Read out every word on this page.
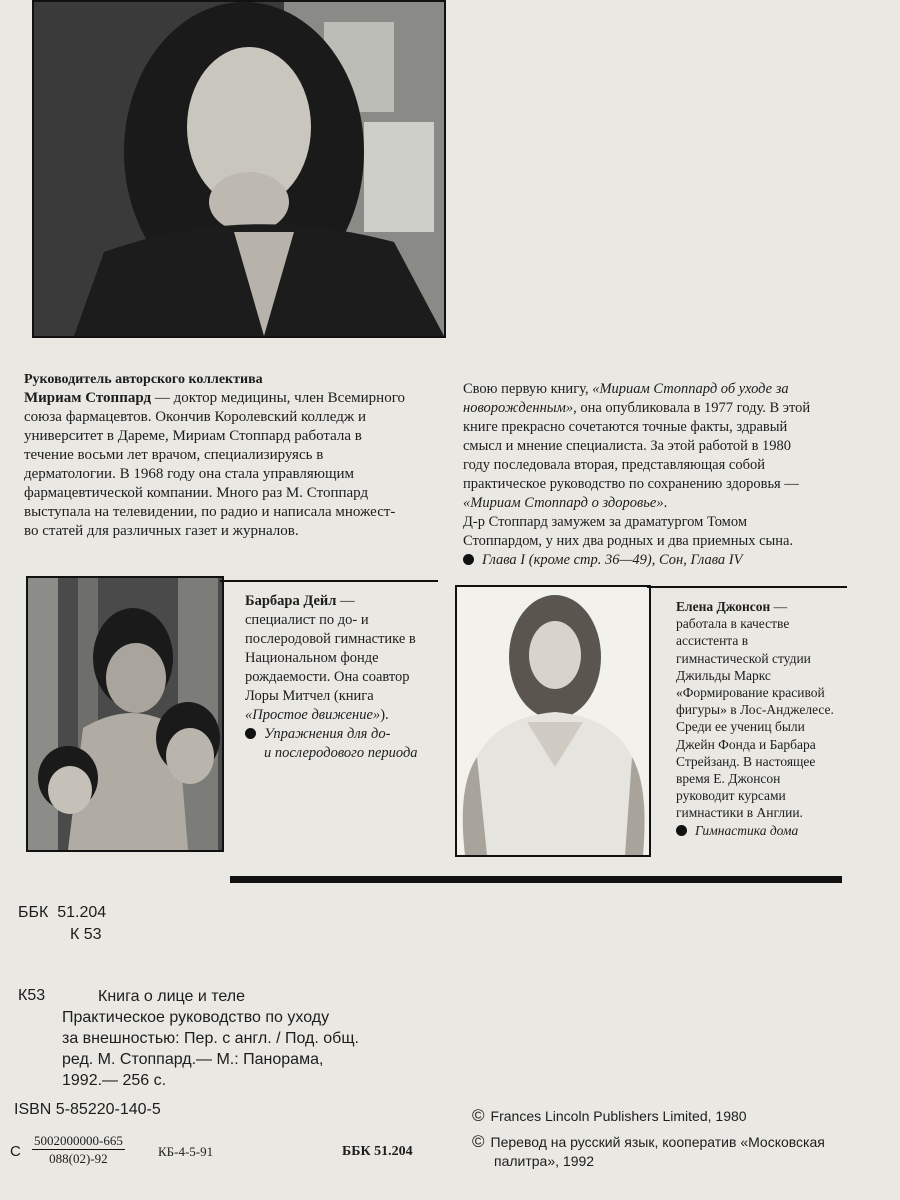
Руководитель авторского коллектива

Мириам Стоппард — доктор медицины, член Всемирного
союза фармацевтов. Окончив Королевский колледж и
университет в Дареме, Мириам Стоппард работала в
течение восьми лет врачом, специализируясь в
дерматологии. В 1968 году она стала управляющим
фармацевтической компании. Много раз М. Стоппард
выступала на телевидении, по радио и написала множест-
во статей для различных газет и журналов.
Свою первую книгу, «Мириам Стоппард об уходе за
новорожденным», она опубликовала в 1977 году. В этой
книге прекрасно сочетаются точные факты, здравый
смысл и мнение специалиста. За этой работой в 1980
году последовала вторая, представляющая собой
практическое руководство по сохранению здоровья —
«Мириам Стоппард о здоровье».
Д-р Стоппард замужем за драматургом Томом
Стоппардом, у них два родных и два приемных сына.
Глава I (кроме стр. 36—49), Сон, Глава IV
Барбара Дейл —
специалист по до- и
послеродовой гимнастике в
Национальном фонде
рождаемости. Она соавтор
Лоры Митчел (книга
«Простое движение»).
Упражнения для до-
и послеродового периода
Елена Джонсон —
работала в качестве
ассистента в
гимнастической студии
Джильды Маркс
«Формирование красивой
фигуры» в Лос-Анджелесе.
Среди ее учениц были
Джейн Фонда и Барбара
Стрейзанд. В настоящее
время Е. Джонсон
руководит курсами
гимнастики в Англии.
Гимнастика дома
ББК 51.204
К 53
К53	Книга о лице и теле
Практическое руководство по уходу
за внешностью: Пер. с англ. / Под. общ.
ред. М. Стоппард.— М.: Панорама,
1992.— 256 с.
ISBN 5-85220-140-5
С
5002000000-665
088(02)-92	КБ-4-5-91	ББК 51.204
© Frances Lincoln Publishers Limited, 1980
© Перевод на русский язык, кооператив «Московская
палитра», 1992
